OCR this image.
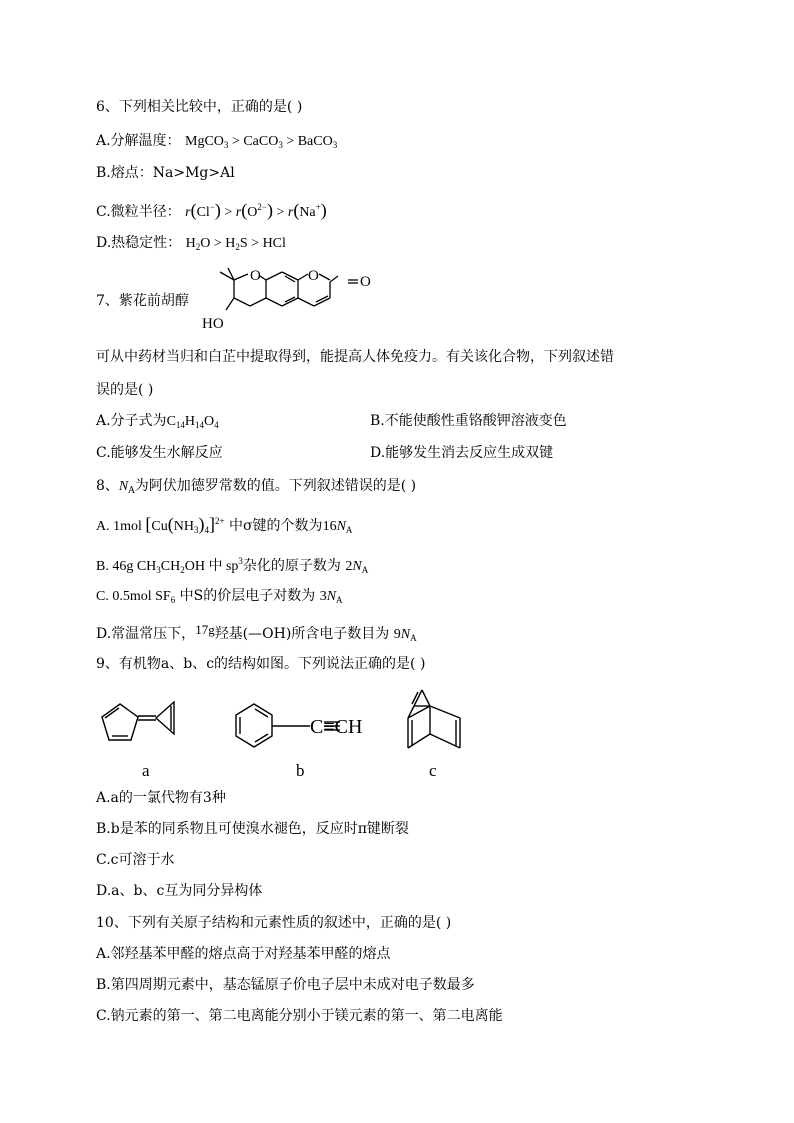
6、下列相关比较中，正确的是( )
A.分解温度： MgCO$_3$ > CaCO$_3$ > BaCO$_3$
B.熔点：Na>Mg>Al
C.微粒半径： $r(Cl^-) > r(O^{2-}) > r(Na^+)$
D.热稳定性： $H_2O > H_2S$ > HCl
7、紫花前胡醇
O	O	O
HO
可从中药材当归和白芷中提取得到，能提高人体免疫力。有关该化合物，下列叙述错
误的是( )
A.分子式为$C_{14}H_{14}O_4$	B.不能使酸性重铬酸钾溶液变色
C.能够发生水解反应	D.能够发生消去反应生成双键
8、$N_A$为阿伏加德罗常数的值。下列叙述错误的是( )
A. 1mol $[Cu(NH_3)_4]^{2+}$ 中σ键的个数为$16N_A$
B. 46g $CH_3CH_2OH$ 中 $sp^3$杂化的原子数为 $2N_A$
C. 0.5mol $SF_6$ 中S的价层电子对数为 $3N_A$
D.常温常压下，$^{17g}$羟基(—OH)所含电子数目为 $9N_A$
9、有机物a、b、c的结构如图。下列说法正确的是( )
C≡CH
a	b	c
A.a的一氯代物有3种
B.b是苯的同系物且可使溴水褪色，反应时π键断裂
C.c可溶于水
D.a、b、c互为同分异构体
10、下列有关原子结构和元素性质的叙述中，正确的是( )
A.邻羟基苯甲醛的熔点高于对羟基苯甲醛的熔点
B.第四周期元素中，基态锰原子价电子层中未成对电子数最多
C.钠元素的第一、第二电离能分别小于镁元素的第一、第二电离能
